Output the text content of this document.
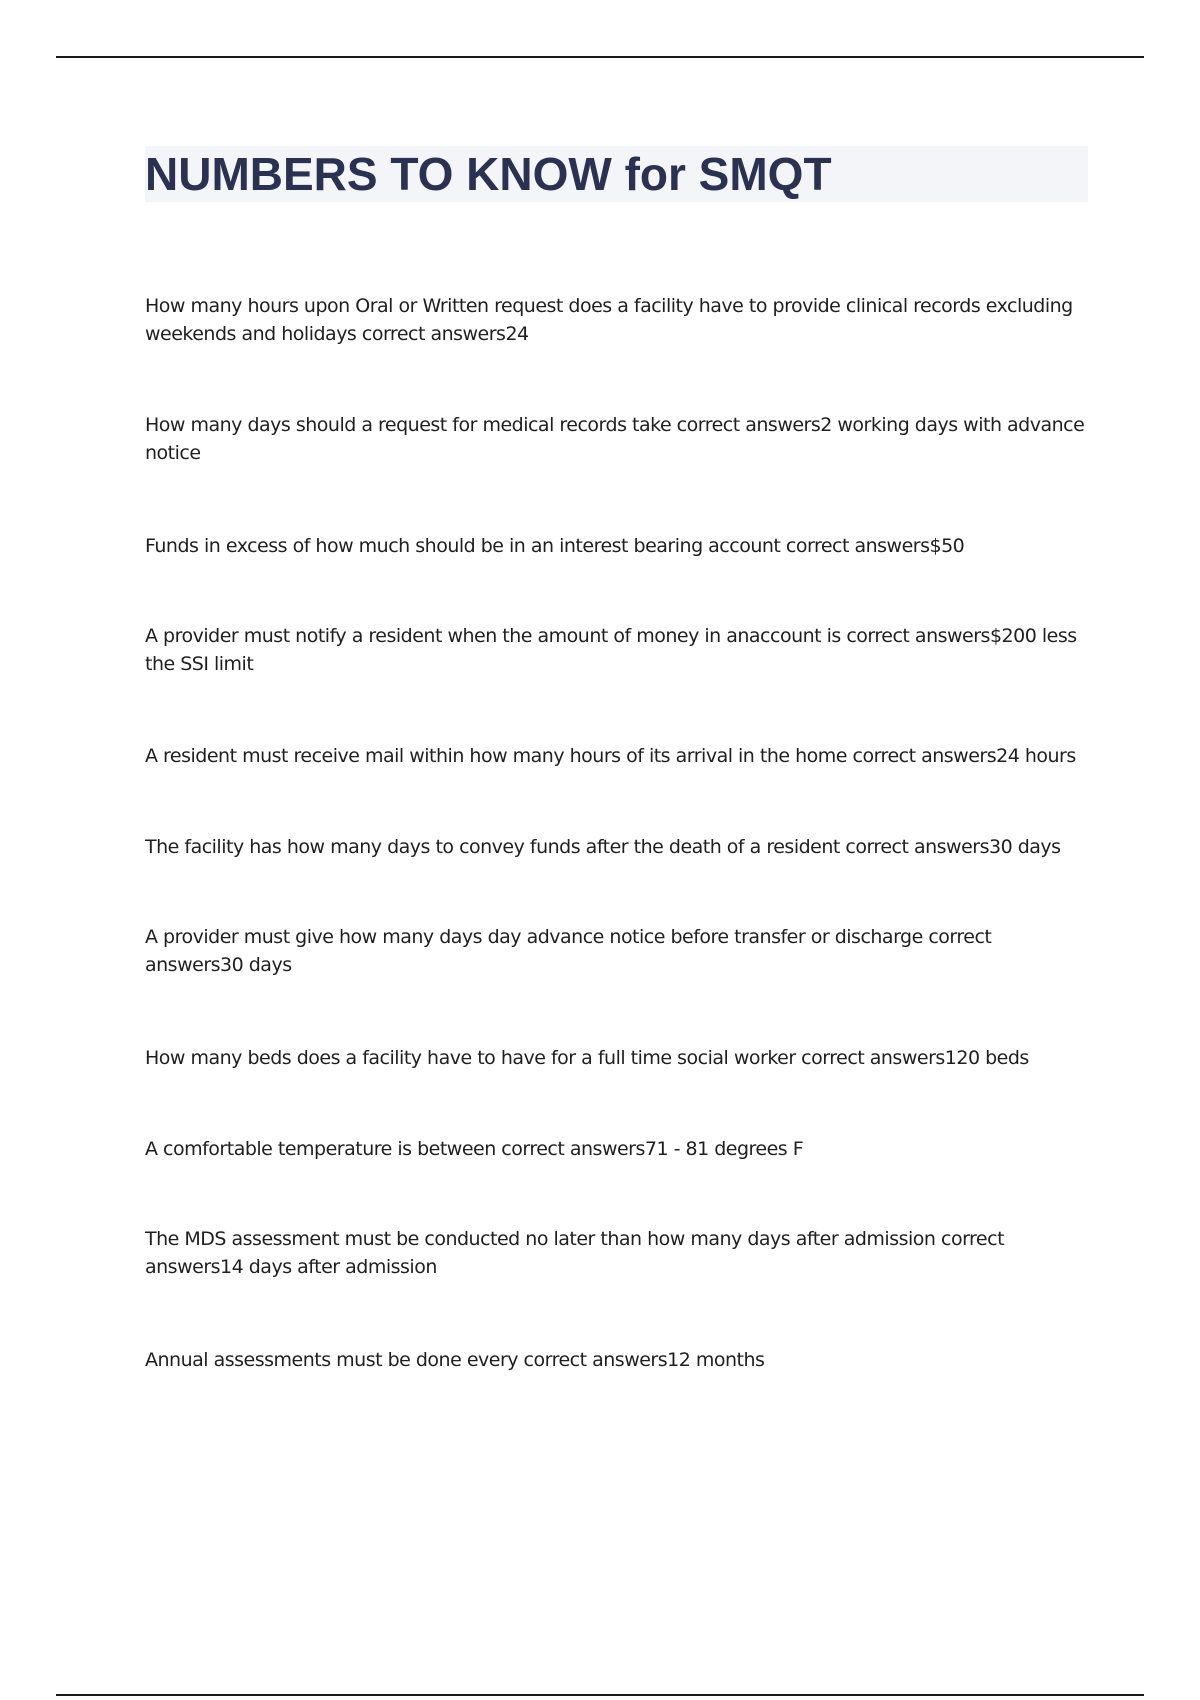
NUMBERS TO KNOW for SMQT
How many hours upon Oral or Written request does a facility have to provide clinical records excluding weekends and holidays correct answers24
How many days should a request for medical records take correct answers2 working days with advance notice
Funds in excess of how much should be in an interest bearing account correct answers$50
A provider must notify a resident when the amount of money in anaccount is correct answers$200 less the SSI limit
A resident must receive mail within how many hours of its arrival in the home correct answers24 hours
The facility has how many days to convey funds after the death of a resident correct answers30 days
A provider must give how many days day advance notice before transfer or discharge correct answers30 days
How many beds does a facility have to have for a full time social worker correct answers120 beds
A comfortable temperature is between correct answers71 - 81 degrees F
The MDS assessment must be conducted no later than how many days after admission correct answers14 days after admission
Annual assessments must be done every correct answers12 months
